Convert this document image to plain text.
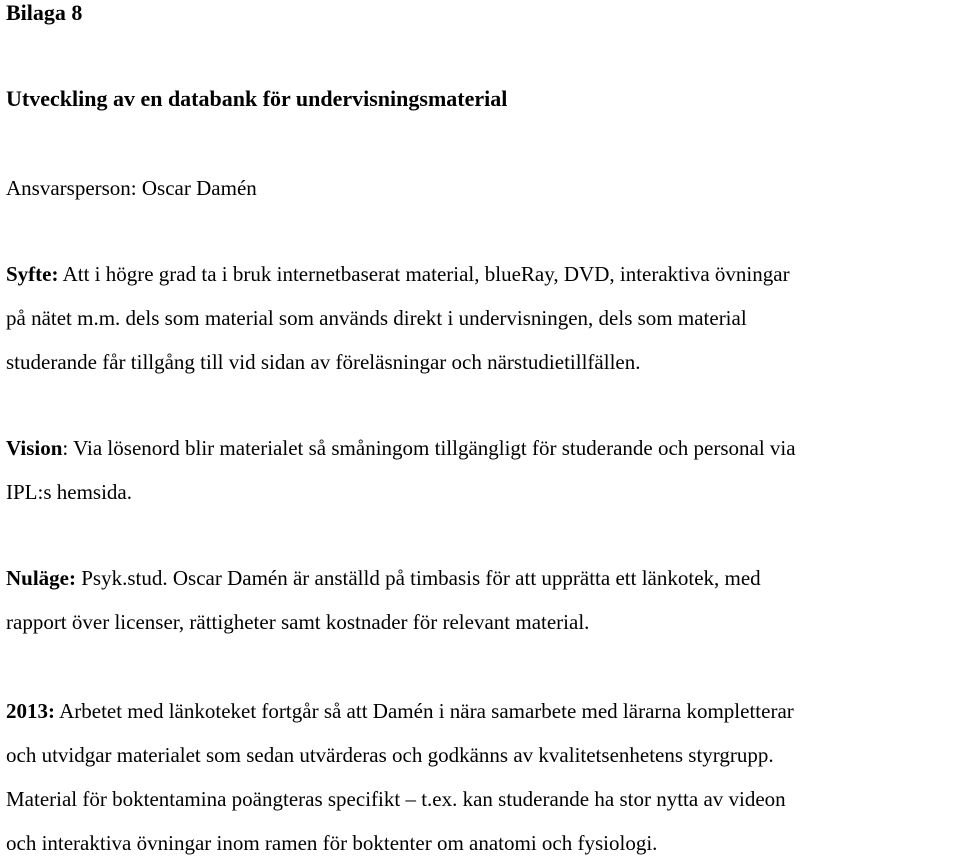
Bilaga 8
Utveckling av en databank för undervisningsmaterial
Ansvarsperson: Oscar Damén
Syfte: Att i högre grad ta i bruk internetbaserat material, blueRay, DVD, interaktiva övningar
på nätet m.m. dels som material som används direkt i undervisningen, dels som material
studerande får tillgång till vid sidan av föreläsningar och närstudietillfällen.
Vision: Via lösenord blir materialet så småningom tillgängligt för studerande och personal via
IPL:s hemsida.
Nuläge: Psyk.stud. Oscar Damén är anställd på timbasis för att upprätta ett länkotek, med
rapport över licenser, rättigheter samt kostnader för relevant material.
2013: Arbetet med länkoteket fortgår så att Damén i nära samarbete med lärarna kompletterar
och utvidgar materialet som sedan utvärderas och godkänns av kvalitetsenhetens styrgrupp.
Material för boktentamina poängteras specifikt – t.ex. kan studerande ha stor nytta av videon
och interaktiva övningar inom ramen för boktenter om anatomi och fysiologi.
